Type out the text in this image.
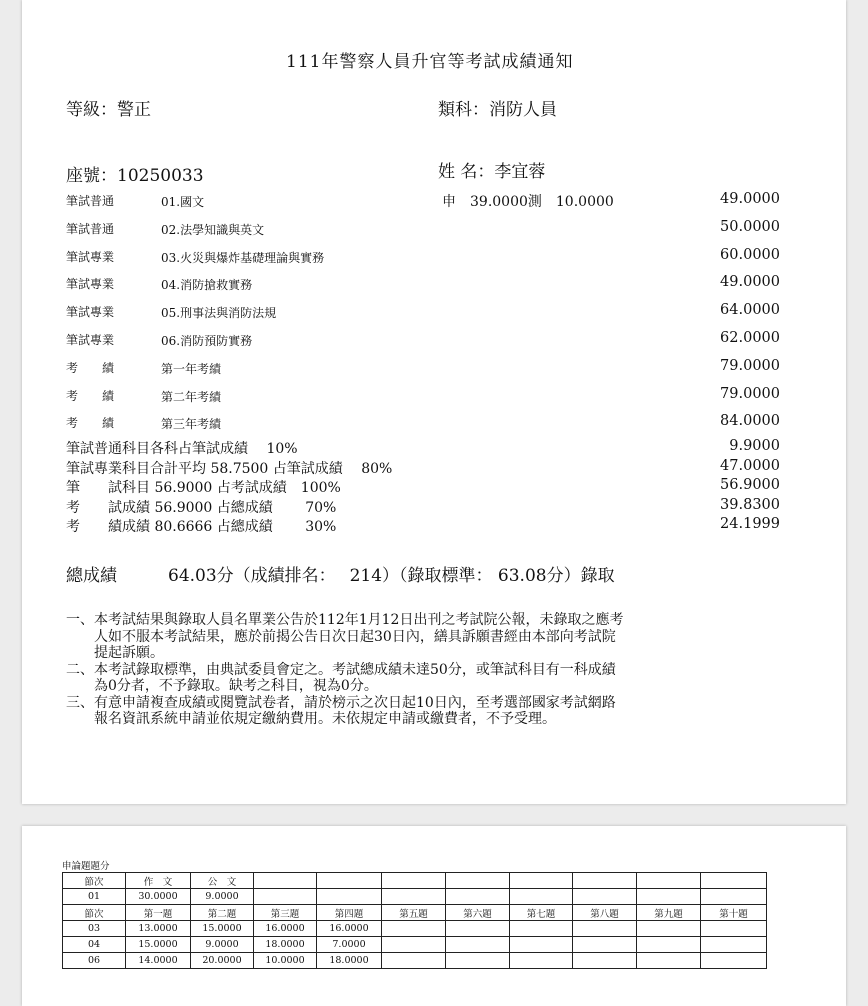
111年警察人員升官等考試成績通知
等級：警正	類科：消防人員
座號：10250033	姓 名：李宜蓉
筆試普通	01.國文	申　39.0000測　10.0000	49.0000
筆試普通	02.法學知識與英文	50.0000
筆試專業	03.火災與爆炸基礎理論與實務	60.0000
筆試專業	04.消防搶救實務	49.0000
筆試專業	05.刑事法與消防法規	64.0000
筆試專業	06.消防預防實務	62.0000
考　　績	第一年考績	79.0000
考　　績	第二年考績	79.0000
考　　績	第三年考績	84.0000
筆試普通科目各科占筆試成績　 10%	9.9000
筆試專業科目合計平均 58.7500 占筆試成績　 80%	47.0000
筆　　試科目 56.9000 占考試成績　100%	56.9000
考　　試成績 56.9000 占總成績　　 70%	39.8300
考　　績成績 80.6666 占總成績　　 30%	24.1999
總成績　　　64.03分（成績排名：　 214）（錄取標準： 63.08分）錄取
一、本考試結果與錄取人員名單業公告於112年1月12日出刊之考試院公報，未錄取之應考
　　人如不服本考試結果，應於前揭公告日次日起30日內，繕具訴願書經由本部向考試院
　　提起訴願。
二、本考試錄取標準，由典試委員會定之。考試總成績未達50分，或筆試科目有一科成績
　　為0分者，不予錄取。缺考之科目，視為0分。
三、有意申請複查成績或閱覽試卷者，請於榜示之次日起10日內，至考選部國家考試網路
　　報名資訊系統申請並依規定繳納費用。未依規定申請或繳費者，不予受理。
申論題題分
節次	作　文	公　文								
01	30.0000	9.0000								
節次	第一題	第二題	第三題	第四題	第五題	第六題	第七題	第八題	第九題	第十題
03	13.0000	15.0000	16.0000	16.0000						
04	15.0000	9.0000	18.0000	7.0000						
06	14.0000	20.0000	10.0000	18.0000						
